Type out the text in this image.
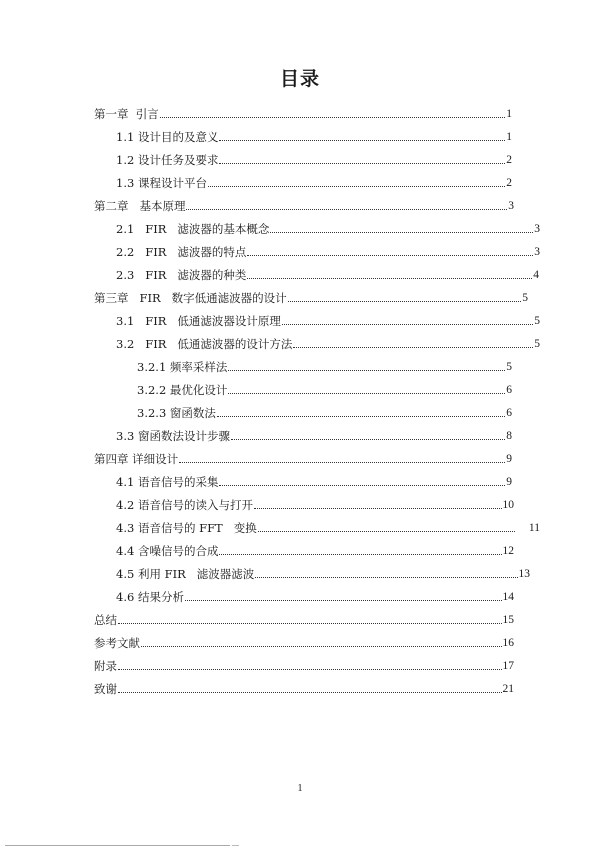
目录
第一章  引言	1
1.1 设计目的及意义	1
1.2 设计任务及要求	2
1.3 课程设计平台	2
第二章   基本原理	3
2.1   FIR   滤波器的基本概念	3
2.2   FIR   滤波器的特点	3
2.3   FIR   滤波器的种类	4
第三章   FIR   数字低通滤波器的设计	5
3.1   FIR   低通滤波器设计原理	5
3.2   FIR   低通滤波器的设计方法	5
3.2.1 频率采样法	5
3.2.2 最优化设计	6
3.2.3 窗函数法	6
3.3 窗函数法设计步骤	8
第四章 详细设计	9
4.1 语音信号的采集	9
4.2 语音信号的读入与打开	10
4.3 语音信号的 FFT   变换	11
4.4 含噪信号的合成	12
4.5 利用 FIR   滤波器滤波	13
4.6 结果分析	14
总结	15
参考文献	16
附录	17
致谢	21
1
